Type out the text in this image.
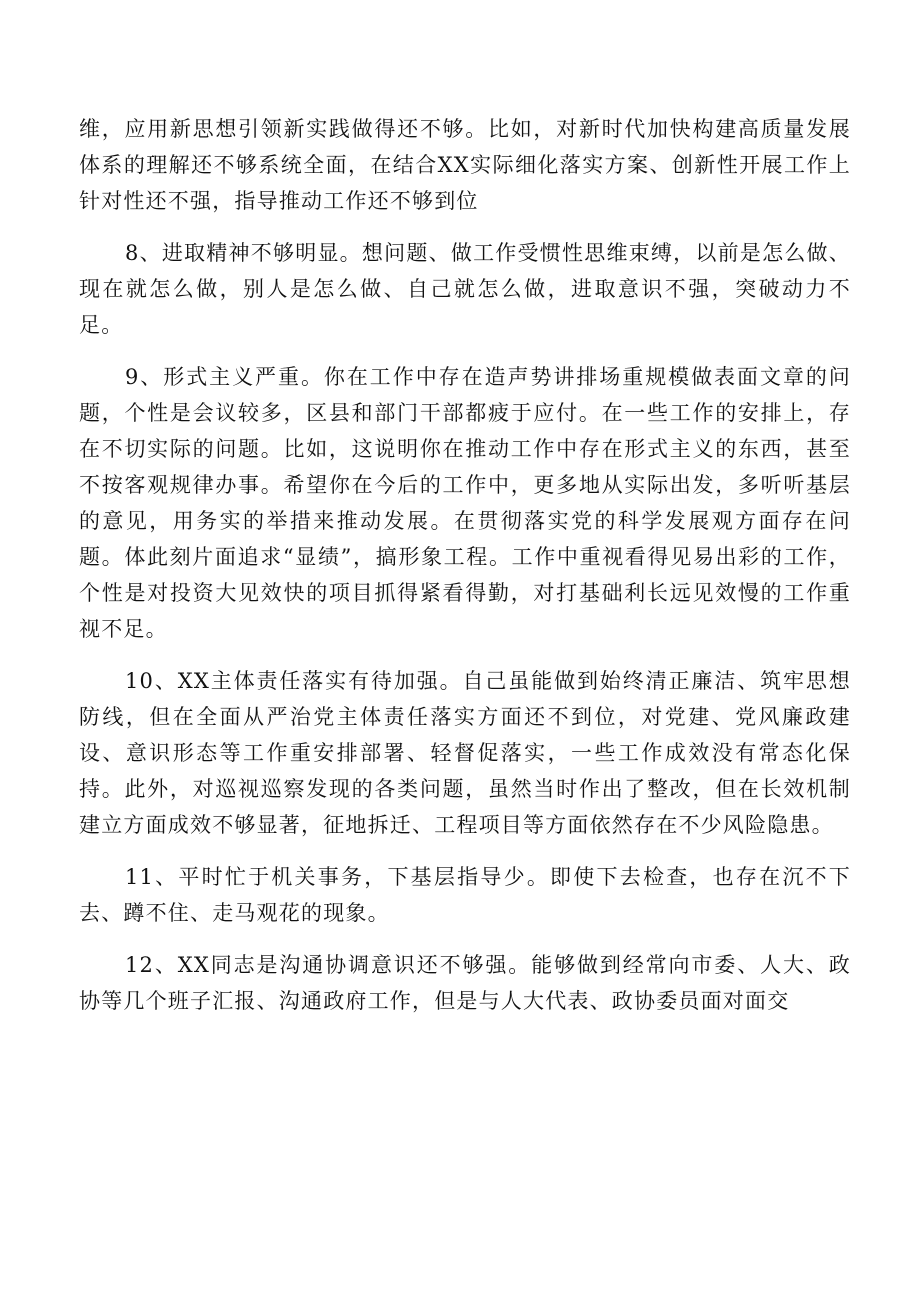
维，应用新思想引领新实践做得还不够。比如，对新时代加快构建高质量发展体系的理解还不够系统全面，在结合XX实际细化落实方案、创新性开展工作上针对性还不强，指导推动工作还不够到位

8、进取精神不够明显。想问题、做工作受惯性思维束缚，以前是怎么做、现在就怎么做，别人是怎么做、自己就怎么做，进取意识不强，突破动力不足。

9、形式主义严重。你在工作中存在造声势讲排场重规模做表面文章的问题，个性是会议较多，区县和部门干部都疲于应付。在一些工作的安排上，存在不切实际的问题。比如，这说明你在推动工作中存在形式主义的东西，甚至不按客观规律办事。希望你在今后的工作中，更多地从实际出发，多听听基层的意见，用务实的举措来推动发展。在贯彻落实党的科学发展观方面存在问题。体此刻片面追求“显绩”，搞形象工程。工作中重视看得见易出彩的工作，个性是对投资大见效快的项目抓得紧看得勤，对打基础利长远见效慢的工作重视不足。

10、XX主体责任落实有待加强。自己虽能做到始终清正廉洁、筑牢思想防线，但在全面从严治党主体责任落实方面还不到位，对党建、党风廉政建设、意识形态等工作重安排部署、轻督促落实，一些工作成效没有常态化保持。此外，对巡视巡察发现的各类问题，虽然当时作出了整改，但在长效机制建立方面成效不够显著，征地拆迁、工程项目等方面依然存在不少风险隐患。

11、平时忙于机关事务，下基层指导少。即使下去检查，也存在沉不下去、蹲不住、走马观花的现象。

12、XX同志是沟通协调意识还不够强。能够做到经常向市委、人大、政协等几个班子汇报、沟通政府工作，但是与人大代表、政协委员面对面交
